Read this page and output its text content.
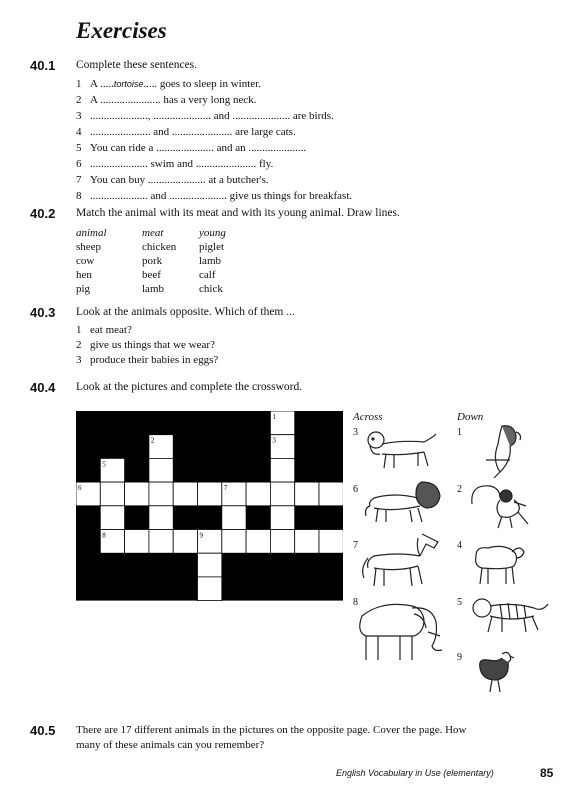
Exercises
40.1 Complete these sentences.
1 A .....tortoise..... goes to sleep in winter.
2 A ...................... has a very long neck.
3 ....................., ..................... and ..................... are birds.
4 ...................... and ...................... are large cats.
5 You can ride a ..................... and an .....................
6 ..................... swim and ...................... fly.
7 You can buy ..................... at a butcher's.
8 ..................... and ..................... give us things for breakfast.
40.2 Match the animal with its meat and with its young animal. Draw lines.
animal	meat	young
sheep	chicken	piglet
cow	pork	lamb
hen	beef	calf
pig	lamb	chick
40.3 Look at the animals opposite. Which of them ...
1 eat meat?
2 give us things that we wear?
3 produce their babies in eggs?
40.4 Look at the pictures and complete the crossword.
1
2	3
5
6	7
8	9
Across	Down
3
6
7
8
1
2
4
5
9
40.5 There are 17 different animals in the pictures on the opposite page. Cover the page. How
many of these animals can you remember?
English Vocabulary in Use (elementary)	85
